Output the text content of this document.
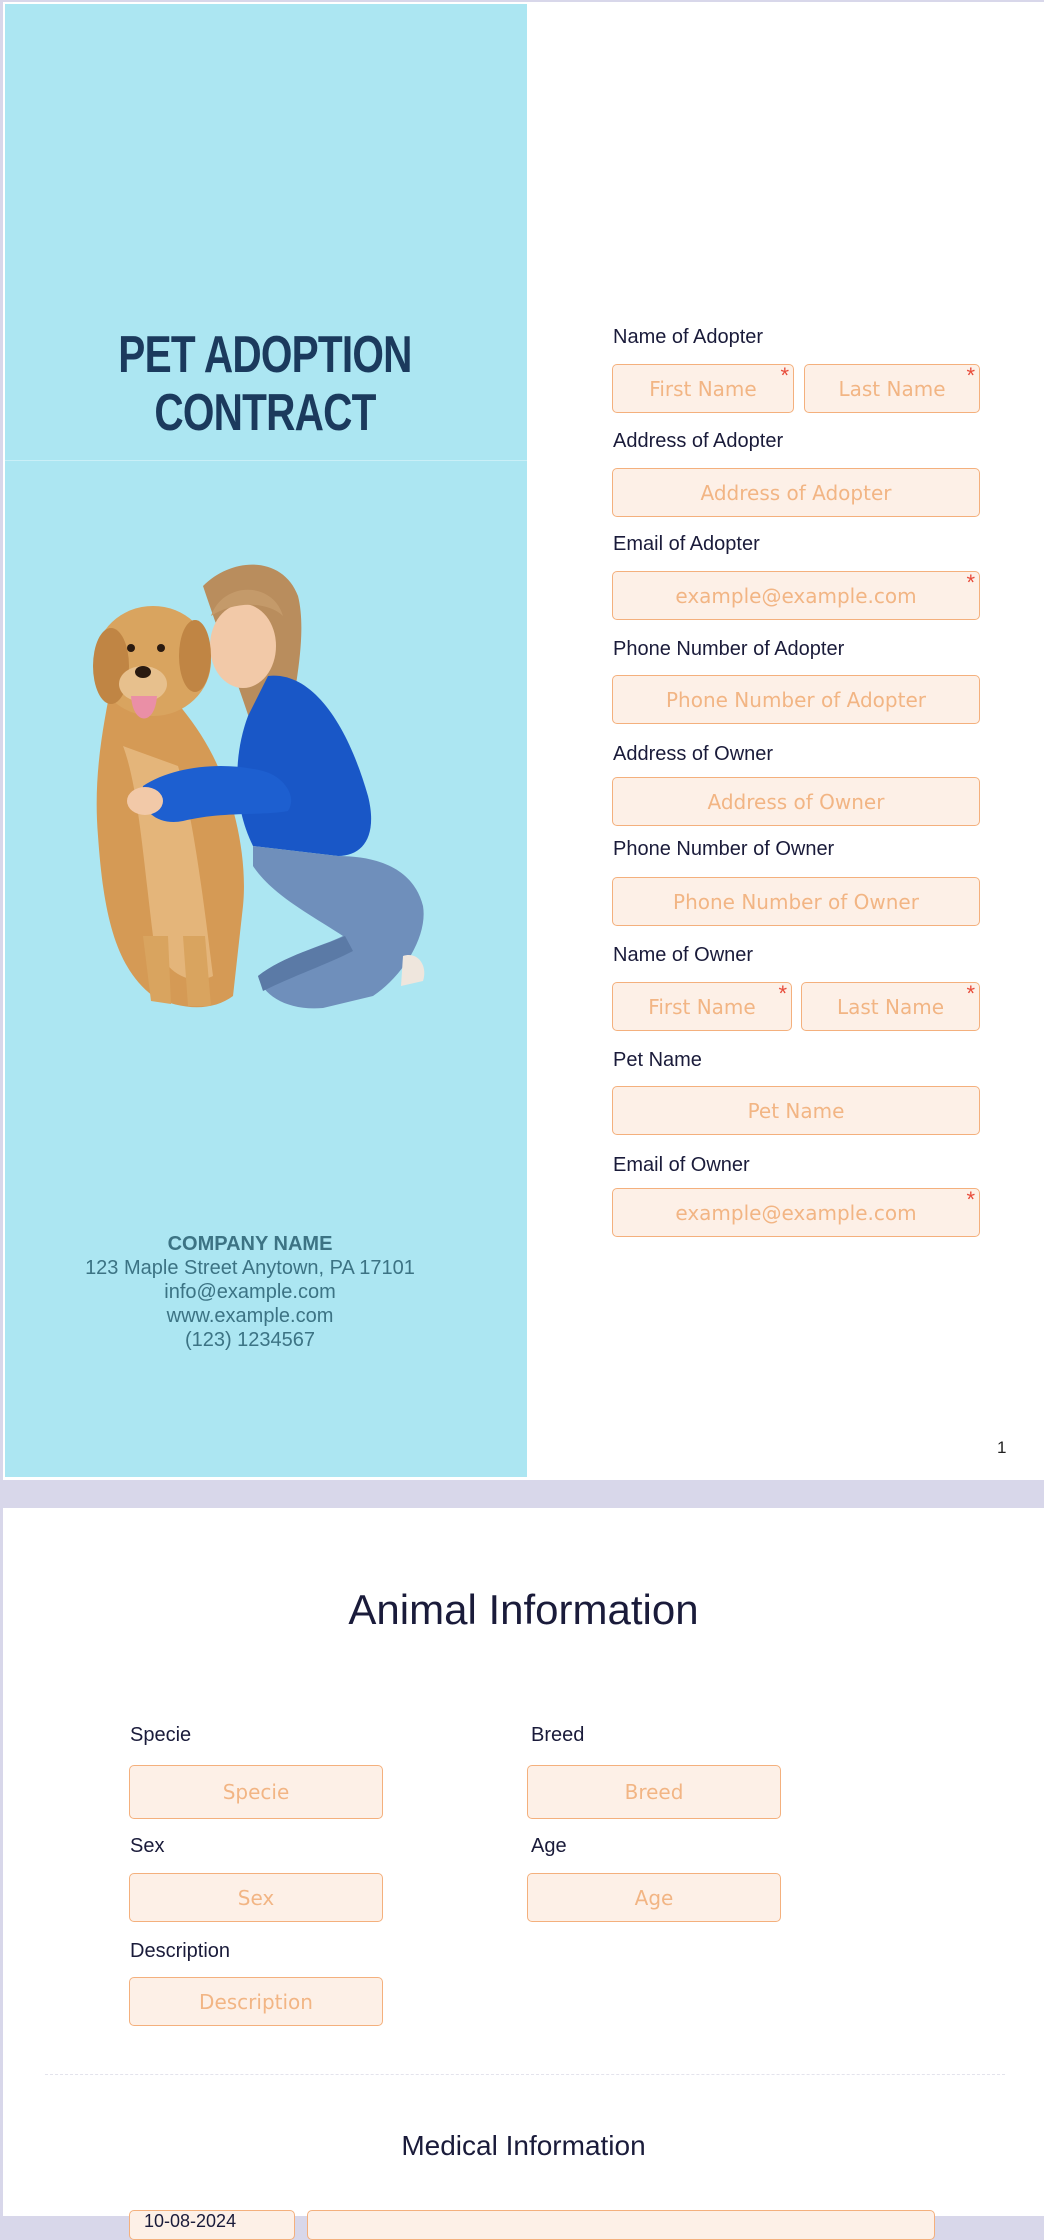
PET ADOPTION
CONTRACT
COMPANY NAME
123 Maple Street Anytown, PA 17101
info@example.com
www.example.com
(123) 1234567
Name of Adopter
First Name
*
Last Name
*
Address of Adopter
Address of Adopter
Email of Adopter
example@example.com
*
Phone Number of Adopter
Phone Number of Adopter
Address of Owner
Address of Owner
Phone Number of Owner
Phone Number of Owner
Name of Owner
First Name
*
Last Name
*
Pet Name
Pet Name
Email of Owner
example@example.com
*
1
Animal Information
Specie
Specie
Breed
Breed
Sex
Sex
Age
Age
Description
Description
Medical Information
10-08-2024
